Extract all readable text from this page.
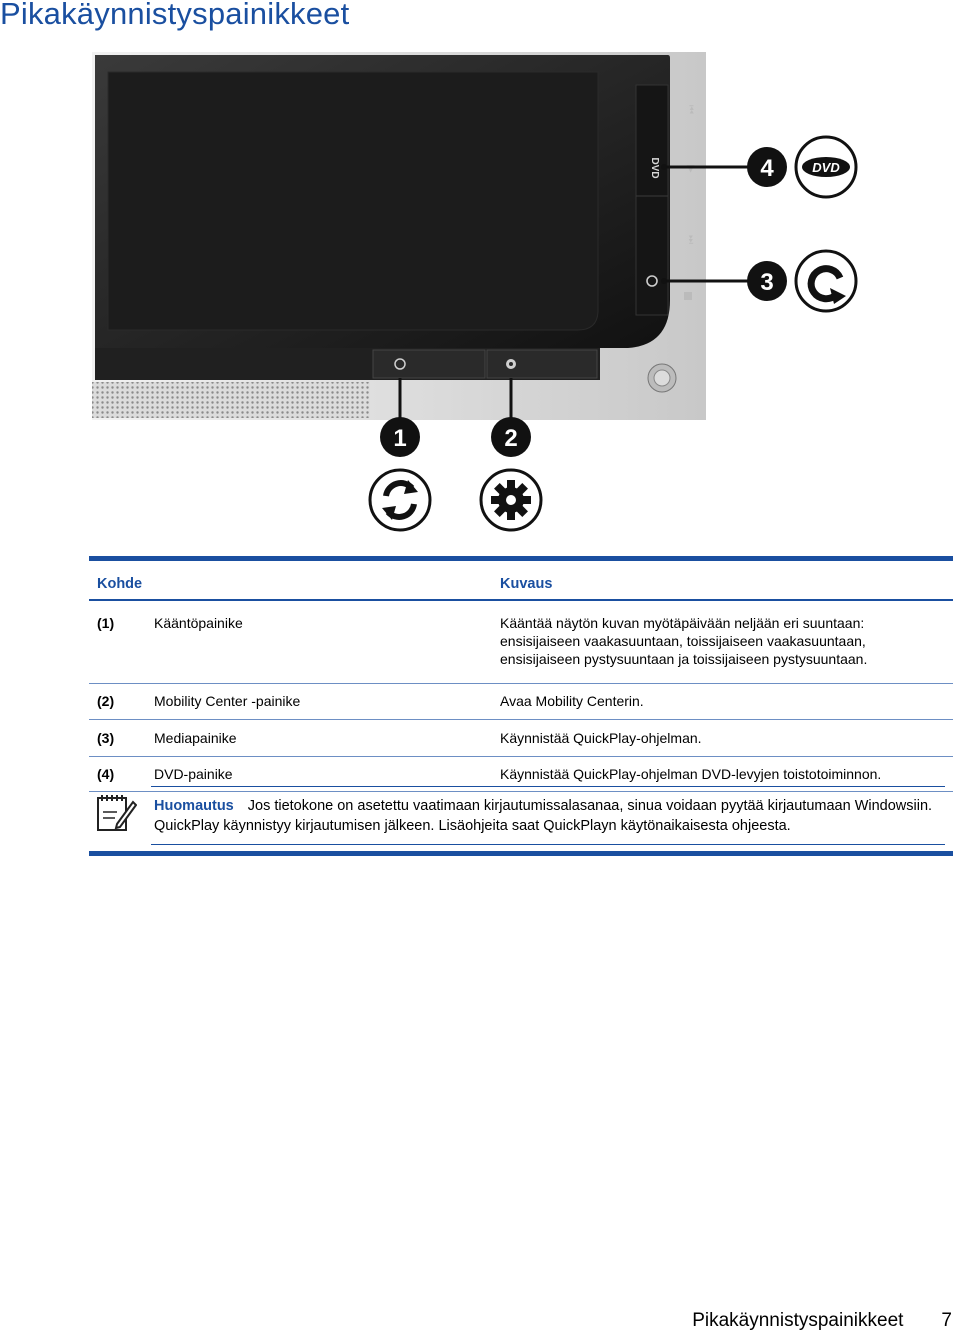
Pikakäynnistyspainikkeet
DVD
⏮
▶
⏭
1	2
3
4	DVD
Kohde	Kuvaus
(1)	Kääntöpainike	Kääntää näytön kuvan myötäpäivään neljään eri suuntaan:
ensisijaiseen vaakasuuntaan, toissijaiseen vaakasuuntaan,
ensisijaiseen pystysuuntaan ja toissijaiseen pystysuuntaan.
(2)	Mobility Center -painike	Avaa Mobility Centerin.
(3)	Mediapainike	Käynnistää QuickPlay-ohjelman.
(4)	DVD-painike	Käynnistää QuickPlay-ohjelman DVD-levyjen toistotoiminnon.
Huomautus Jos tietokone on asetettu vaatimaan kirjautumissalasanaa, sinua voidaan pyytää kirjautumaan Windowsiin. QuickPlay käynnistyy kirjautumisen jälkeen. Lisäohjeita saat QuickPlayn käytönaikaisesta ohjeesta.
Pikakäynnistyspainikkeet 7
